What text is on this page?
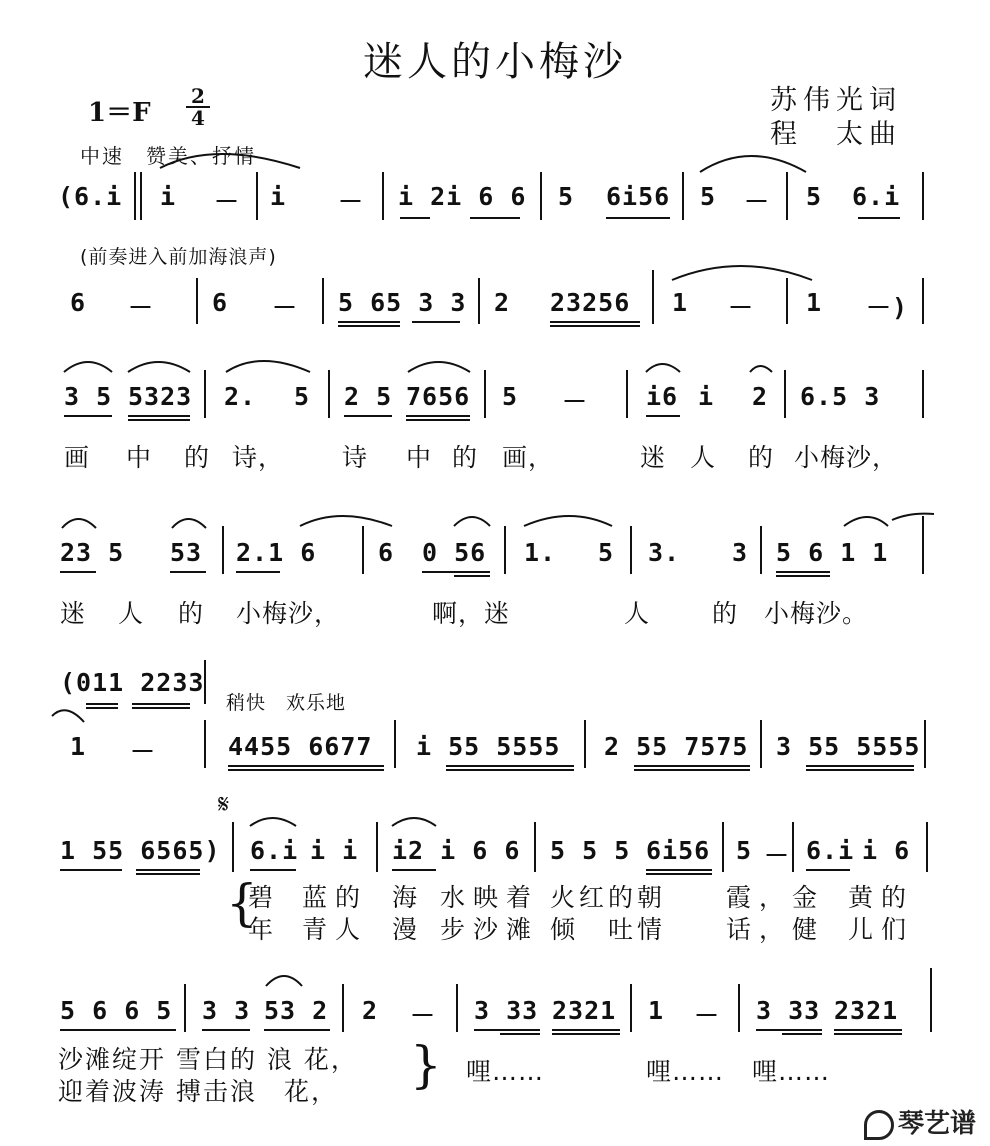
迷人的小梅沙
苏伟光词
程　太曲
$1=F \frac{2}{4}$
中速　赞美、抒情
(6.i i － i － i 2i 6 6 5 6i56 5 － 5 6.i
(前奏进入前加海浪声)
6 － 6 － 5 65 3 3 2 23256 1 － 1 －)
3 5 5323 2. 5 2 5 7656 5 － i6 i 2 6.5 3
画 中 的 诗， 诗 中 的 画，	迷 人 的 小梅沙，
23 5 53 2.1 6 6 0 56 1. 5 3. 3 5 6 1 1
迷 人 的 小梅沙，	啊，迷	人 的 小梅沙。
(011 2233
稍快　欢乐地
1 －	4455 6677 i 55 5555 2 55 7575 3 55 5555
𝄋
1 55 6565) 6.i i i i2 i 6 6 5 5 5 6i56 5 － 6.i i 6
{
碧 蓝的 海 水映着 火红的朝 霞，金 黄的
年 青人 漫 步沙滩 倾　吐情 话，健 儿们
5 6 6 5 3 3 53 2 2 － 3 33 2321 1 － 3 33 2321
沙滩绽开 雪白的 浪 花，
迎着波涛 搏击浪　花， } 哩……	哩…… 哩……
琴艺谱
